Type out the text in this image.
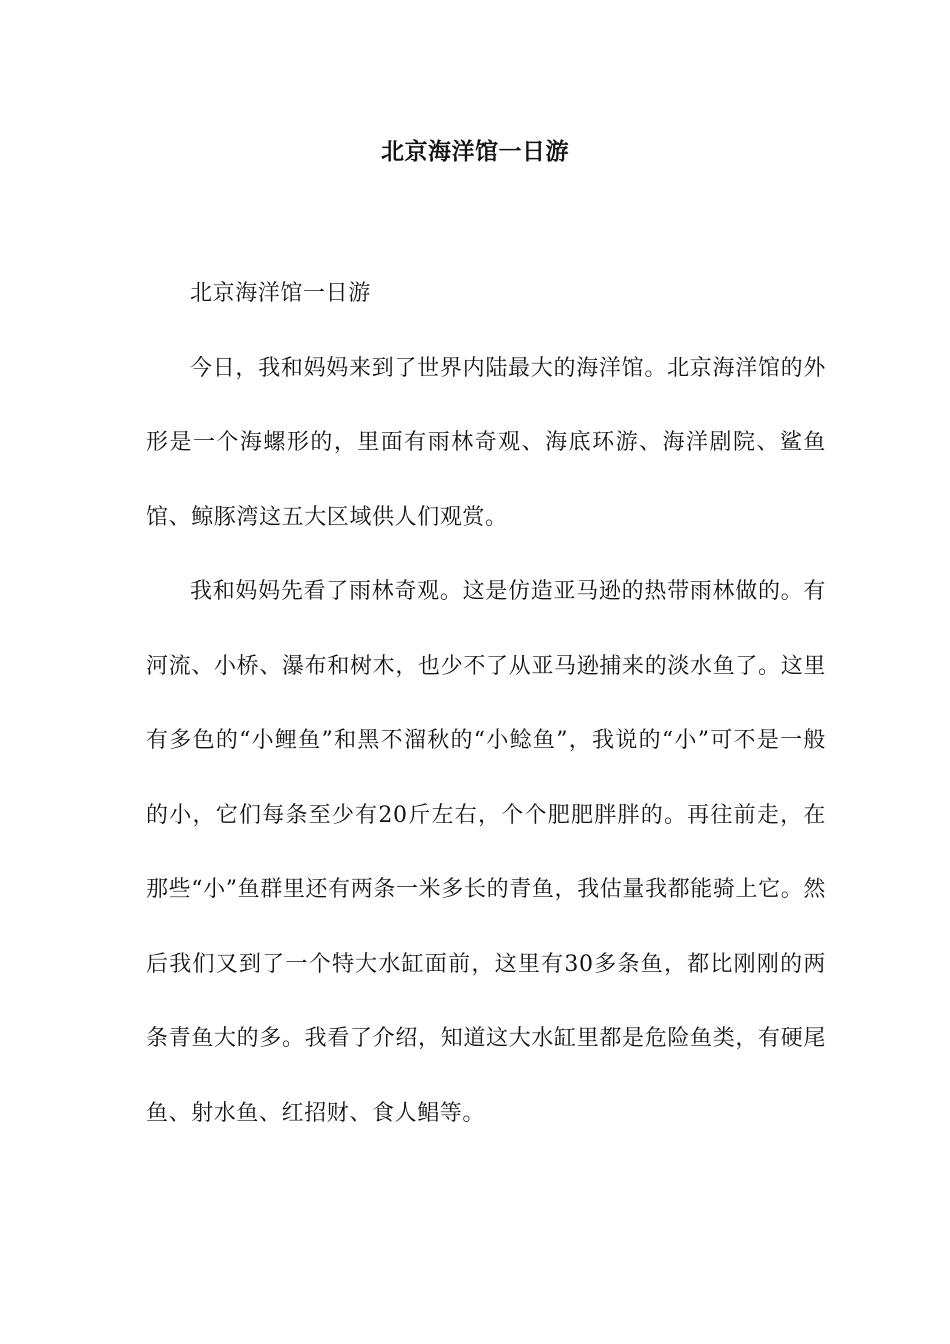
北京海洋馆一日游

北京海洋馆一日游

今日，我和妈妈来到了世界内陆最大的海洋馆。北京海洋馆的外形是一个海螺形的，里面有雨林奇观、海底环游、海洋剧院、鲨鱼馆、鲸豚湾这五大区域供人们观赏。

我和妈妈先看了雨林奇观。这是仿造亚马逊的热带雨林做的。有河流、小桥、瀑布和树木，也少不了从亚马逊捕来的淡水鱼了。这里有多色的“小鲤鱼”和黑不溜秋的“小鲶鱼”，我说的“小”可不是一般的小，它们每条至少有20斤左右，个个肥肥胖胖的。再往前走，在那些“小”鱼群里还有两条一米多长的青鱼，我估量我都能骑上它。然后我们又到了一个特大水缸面前，这里有30多条鱼，都比刚刚的两条青鱼大的多。我看了介绍，知道这大水缸里都是危险鱼类，有硬尾鱼、射水鱼、红招财、食人鲳等。
